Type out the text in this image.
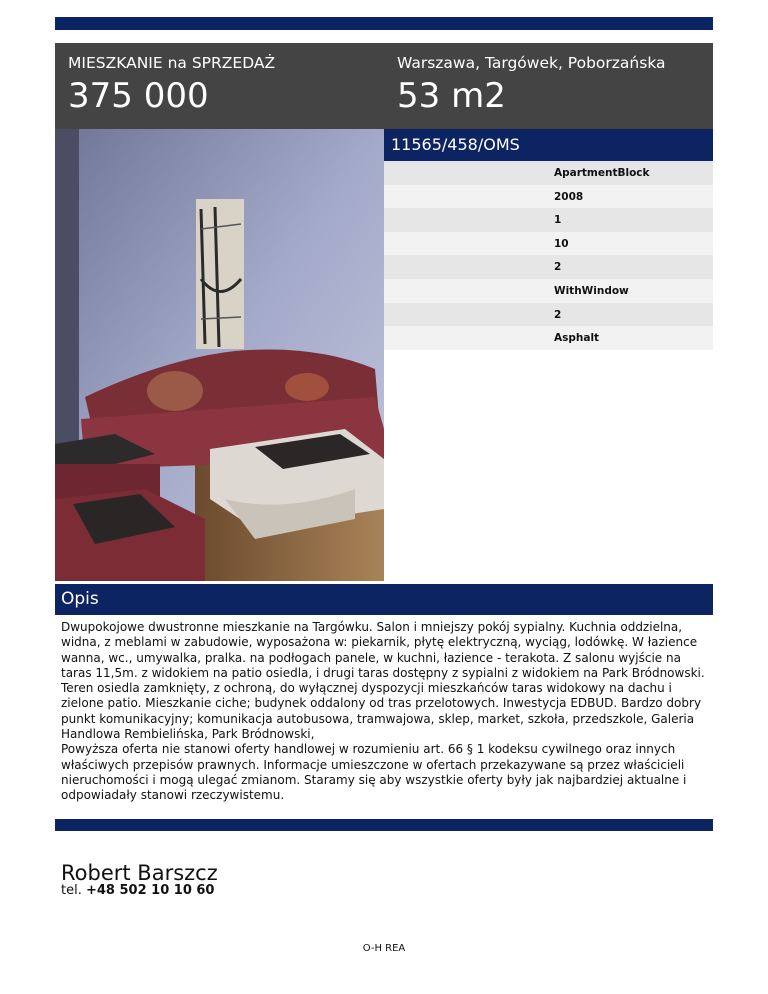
MIESZKANIE na SPRZEDAŻ
375 000
Warszawa, Targówek, Poborzańska
53 m2
11565/458/OMS
ApartmentBlock
2008
1
10
2
WithWindow
2
Asphalt
Opis
Dwupokojowe dwustronne mieszkanie na Targówku. Salon i mniejszy pokój sypialny. Kuchnia oddzielna, widna, z meblami w zabudowie, wyposażona w: piekarnik, płytę elektryczną, wyciąg, lodówkę. W łazience wanna, wc., umywalka, pralka. na podłogach panele, w kuchni, łazience - terakota. Z salonu wyjście na taras 11,5m. z widokiem na patio osiedla, i drugi taras dostępny z sypialni z widokiem na Park Bródnowski. Teren osiedla zamknięty, z ochroną, do wyłącznej dyspozycji mieszkańców taras widokowy na dachu i zielone patio. Mieszkanie ciche; budynek oddalony od tras przelotowych. Inwestycja EDBUD. Bardzo dobry punkt komunikacyjny; komunikacja autobusowa, tramwajowa, sklep, market, szkoła, przedszkole, Galeria Handlowa Rembielińska, Park Bródnowski,
Powyższa oferta nie stanowi oferty handlowej w rozumieniu art. 66 § 1 kodeksu cywilnego oraz innych właściwych przepisów prawnych. Informacje umieszczone w ofertach przekazywane są przez właścicieli nieruchomości i mogą ulegać zmianom. Staramy się aby wszystkie oferty były jak najbardziej aktualne i odpowiadały stanowi rzeczywistemu.
Robert Barszcz
tel. +48 502 10 10 60
O-H REA
